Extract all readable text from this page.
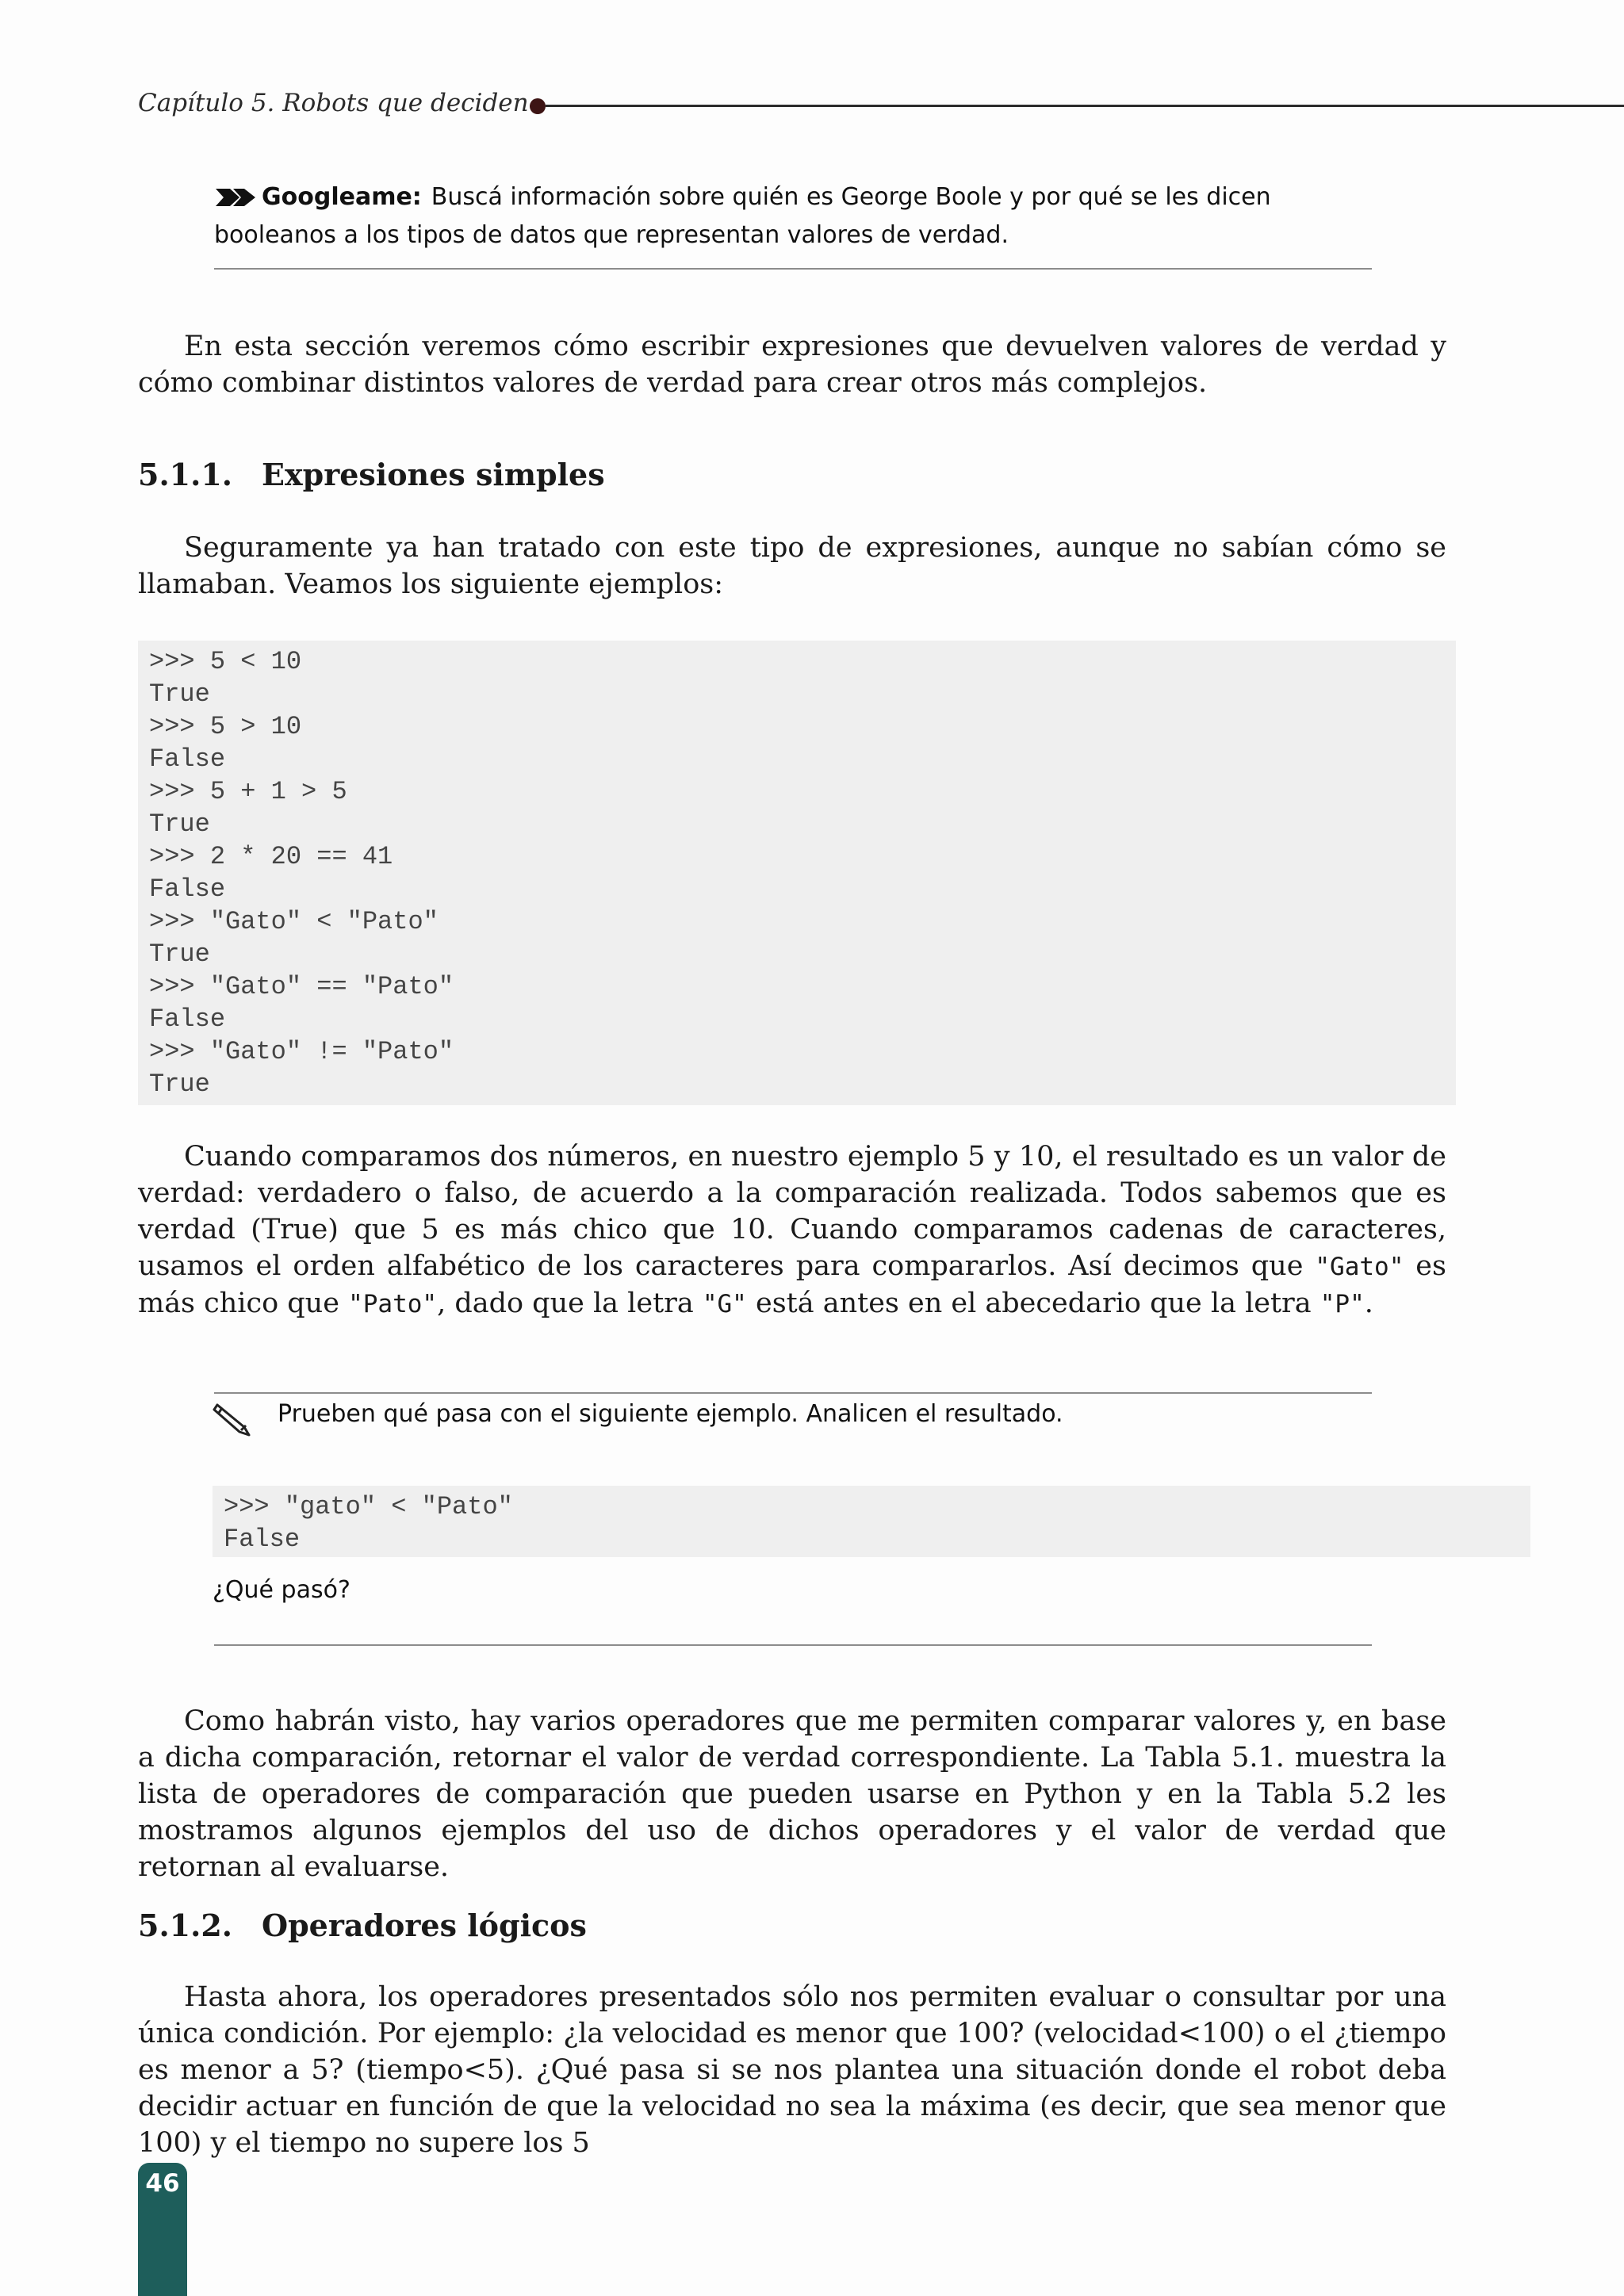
Capítulo 5. Robots que deciden
Googleame: Buscá información sobre quién es George Boole y por qué se les dicen booleanos a los tipos de datos que representan valores de verdad.
En esta sección veremos cómo escribir expresiones que devuelven valores de verdad y cómo combinar distintos valores de verdad para crear otros más complejos.
5.1.1. Expresiones simples
Seguramente ya han tratado con este tipo de expresiones, aunque no sabían cómo se llamaban. Veamos los siguiente ejemplos:
>>> 5 < 10
True
>>> 5 > 10
False
>>> 5 + 1 > 5
True
>>> 2 * 20 == 41
False
>>> "Gato" < "Pato"
True
>>> "Gato" == "Pato"
False
>>> "Gato" != "Pato"
True
Cuando comparamos dos números, en nuestro ejemplo 5 y 10, el resultado es un valor de verdad: verdadero o falso, de acuerdo a la comparación realizada. Todos sabemos que es verdad (True) que 5 es más chico que 10. Cuando comparamos cadenas de caracteres, usamos el orden alfabético de los caracteres para compararlos. Así decimos que "Gato" es más chico que "Pato", dado que la letra "G" está antes en el abecedario que la letra "P".
Prueben qué pasa con el siguiente ejemplo. Analicen el resultado.
>>> "gato" < "Pato"
False
¿Qué pasó?
Como habrán visto, hay varios operadores que me permiten comparar valores y, en base a dicha comparación, retornar el valor de verdad correspondiente. La Tabla 5.1. muestra la lista de operadores de comparación que pueden usarse en Python y en la Tabla 5.2 les mostramos algunos ejemplos del uso de dichos operadores y el valor de verdad que retornan al evaluarse.
5.1.2. Operadores lógicos
Hasta ahora, los operadores presentados sólo nos permiten evaluar o consultar por una única condición. Por ejemplo: ¿la velocidad es menor que 100? (velocidad<100) o el ¿tiempo es menor a 5? (tiempo<5). ¿Qué pasa si se nos plantea una situación donde el robot deba decidir actuar en función de que la velocidad no sea la máxima (es decir, que sea menor que 100) y el tiempo no supere los 5
46
